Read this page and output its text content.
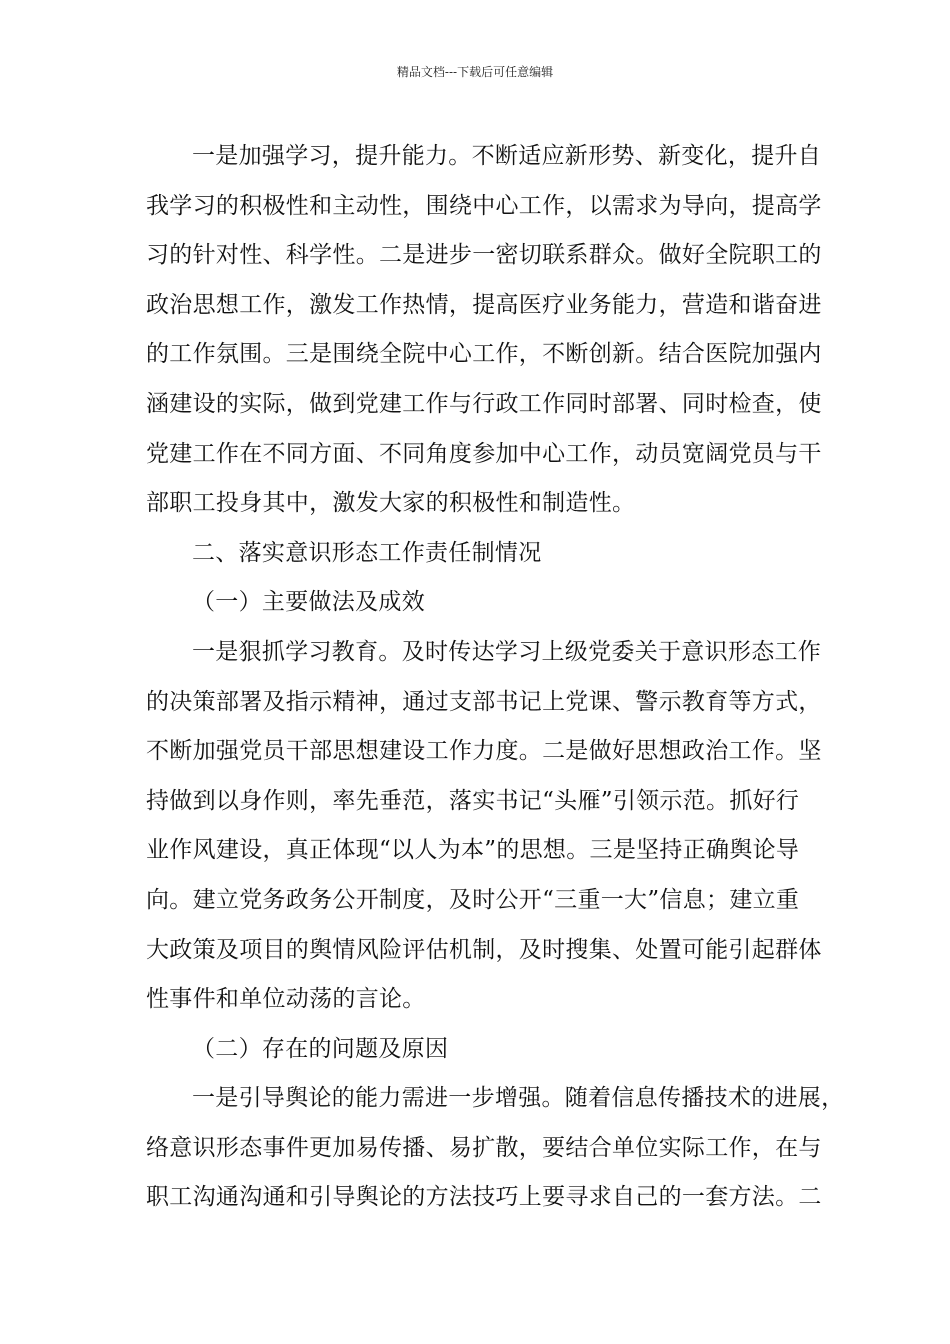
精品文档---下载后可任意编辑
一是加强学习，提升能力。不断适应新形势、新变化，提升自
我学习的积极性和主动性，围绕中心工作，以需求为导向，提高学
习的针对性、科学性。二是进步一密切联系群众。做好全院职工的
政治思想工作，激发工作热情，提高医疗业务能力，营造和谐奋进
的工作氛围。三是围绕全院中心工作，不断创新。结合医院加强内
涵建设的实际，做到党建工作与行政工作同时部署、同时检查，使
党建工作在不同方面、不同角度参加中心工作，动员宽阔党员与干
部职工投身其中，激发大家的积极性和制造性。
二、落实意识形态工作责任制情况
（一）主要做法及成效
一是狠抓学习教育。及时传达学习上级党委关于意识形态工作
的决策部署及指示精神，通过支部书记上党课、警示教育等方式，
不断加强党员干部思想建设工作力度。二是做好思想政治工作。坚
持做到以身作则，率先垂范，落实书记“头雁”引领示范。抓好行
业作风建设，真正体现“以人为本”的思想。三是坚持正确舆论导
向。建立党务政务公开制度，及时公开“三重一大”信息；建立重
大政策及项目的舆情风险评估机制，及时搜集、处置可能引起群体
性事件和单位动荡的言论。
（二）存在的问题及原因
一是引导舆论的能力需进一步增强。随着信息传播技术的进展，
络意识形态事件更加易传播、易扩散，要结合单位实际工作，在与
职工沟通沟通和引导舆论的方法技巧上要寻求自己的一套方法。二
